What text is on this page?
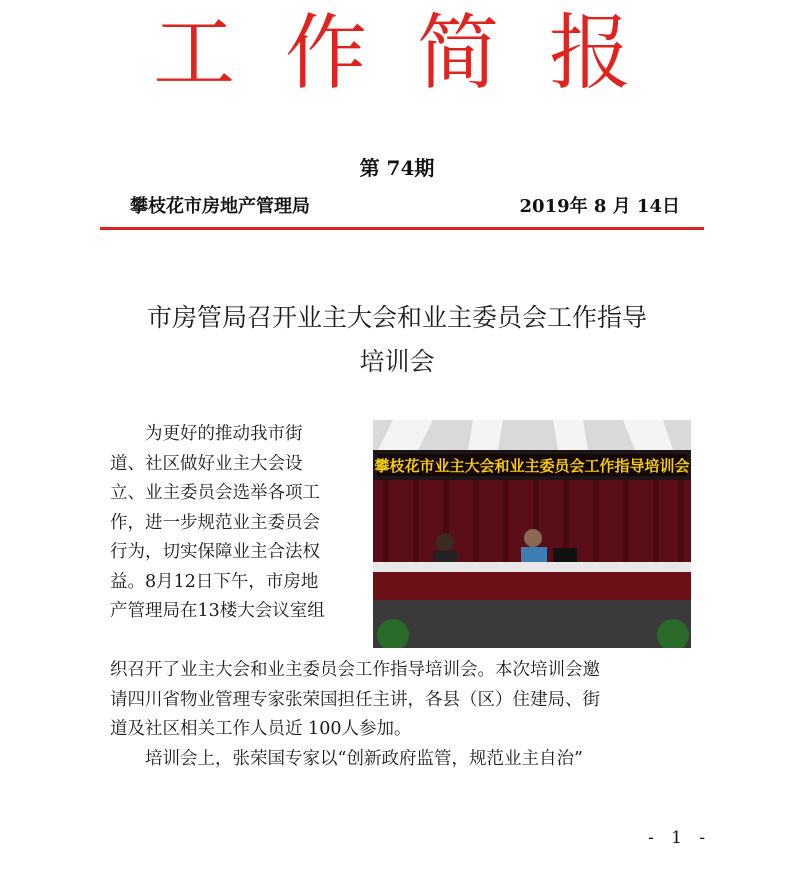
工作简报
第 74期
攀枝花市房地产管理局	2019年 8 月 14日
市房管局召开业主大会和业主委员会工作指导
培训会
攀枝花市业主大会和业主委员会工作指导培训会
　　为更好的推动我市街
道、社区做好业主大会设
立、业主委员会选举各项工
作，进一步规范业主委员会
行为，切实保障业主合法权
益。8月12日下午，市房地
产管理局在13楼大会议室组
织召开了业主大会和业主委员会工作指导培训会。本次培训会邀
请四川省物业管理专家张荣国担任主讲，各县（区）住建局、街
道及社区相关工作人员近 100人参加。
　　培训会上，张荣国专家以“创新政府监管，规范业主自治”
- 1 -
